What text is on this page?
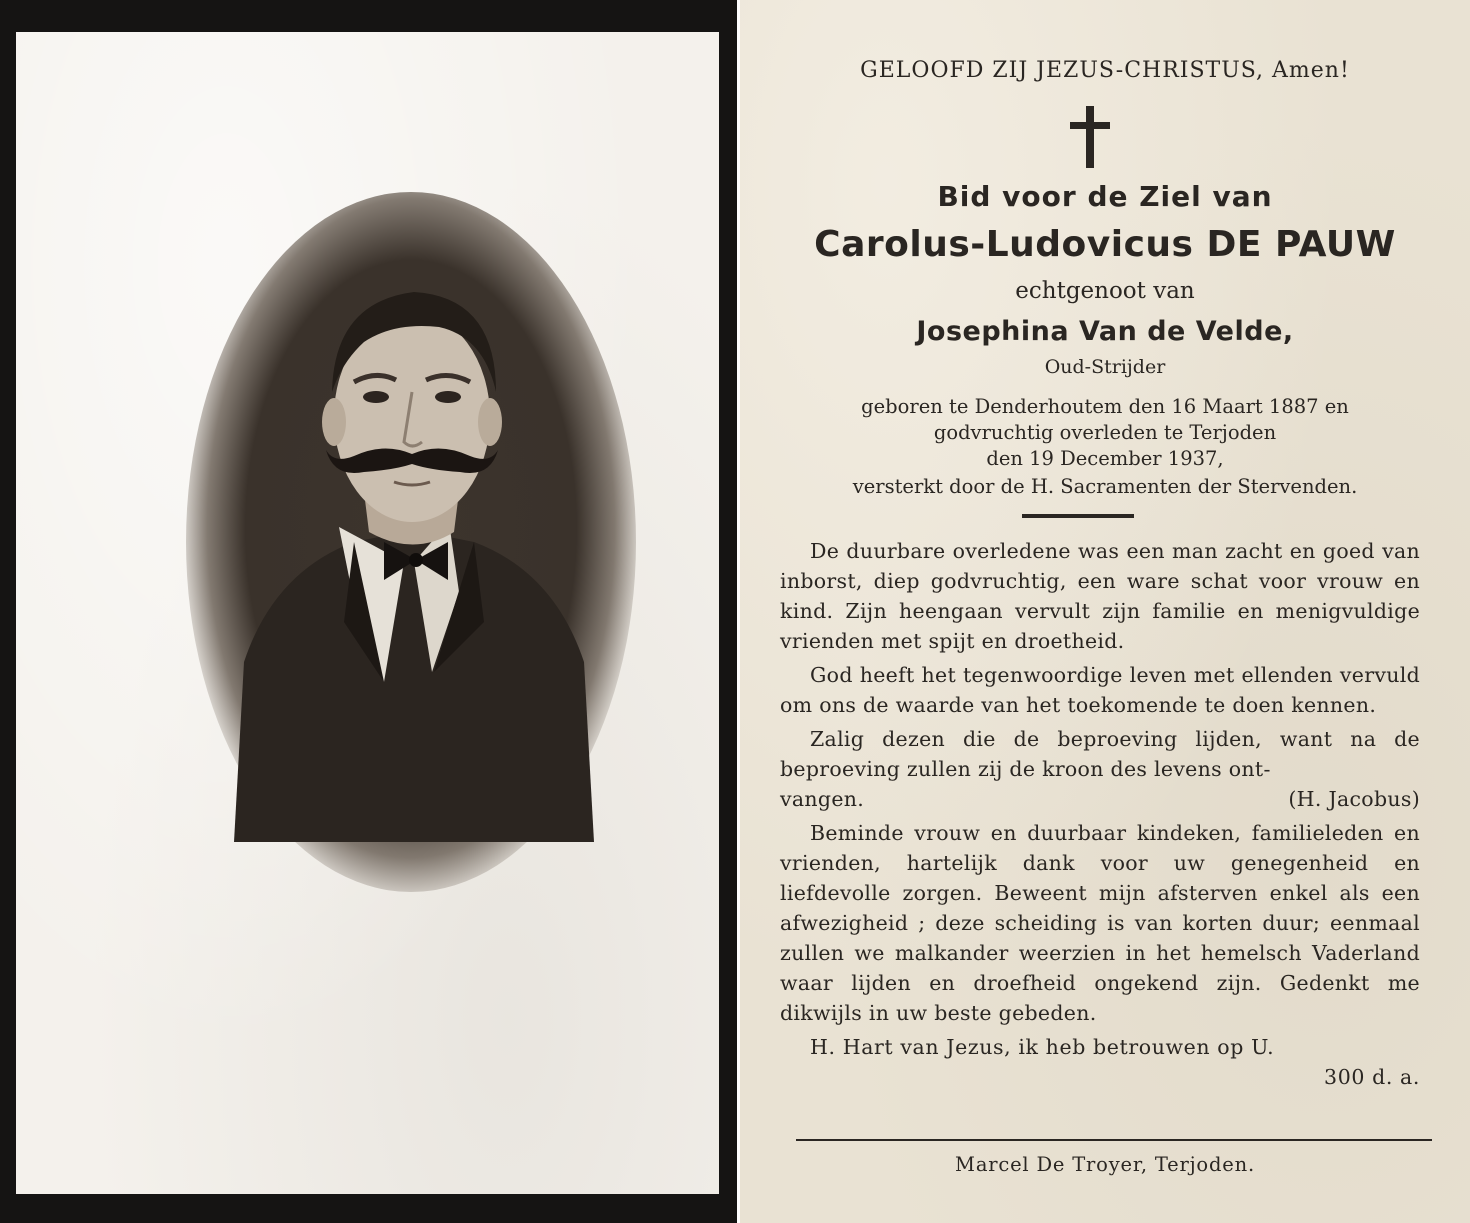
GELOOFD ZIJ JEZUS-CHRISTUS, Amen!
Bid voor de Ziel van
Carolus-Ludovicus DE PAUW
echtgenoot van
Josephina Van de Velde,
Oud-Strijder
geboren te Denderhoutem den 16 Maart 1887 en
godvruchtig overleden te Terjoden
den 19 December 1937,
versterkt door de H. Sacramenten der Stervenden.

De duurbare overledene was een man zacht en goed van inborst, diep godvruchtig, een ware schat voor vrouw en kind. Zijn heengaan vervult zijn familie en menigvuldige vrienden met spijt en droetheid.

God heeft het tegenwoordige leven met ellenden vervuld om ons de waarde van het toekomende te doen kennen.

Zalig dezen die de beproeving lijden, want na de beproeving zullen zij de kroon des levens ont-

vangen.	(H. Jacobus)

Beminde vrouw en duurbaar kindeken, familieleden en vrienden, hartelijk dank voor uw genegenheid en liefdevolle zorgen. Beweent mijn afsterven enkel als een afwezigheid ; deze scheiding is van korten duur; eenmaal zullen we malkander weerzien in het hemelsch Vaderland waar lijden en droefheid ongekend zijn. Gedenkt me dikwijls in uw beste gebeden.

H. Hart van Jezus, ik heb betrouwen op U.
300 d. a.
Marcel De Troyer, Terjoden.
